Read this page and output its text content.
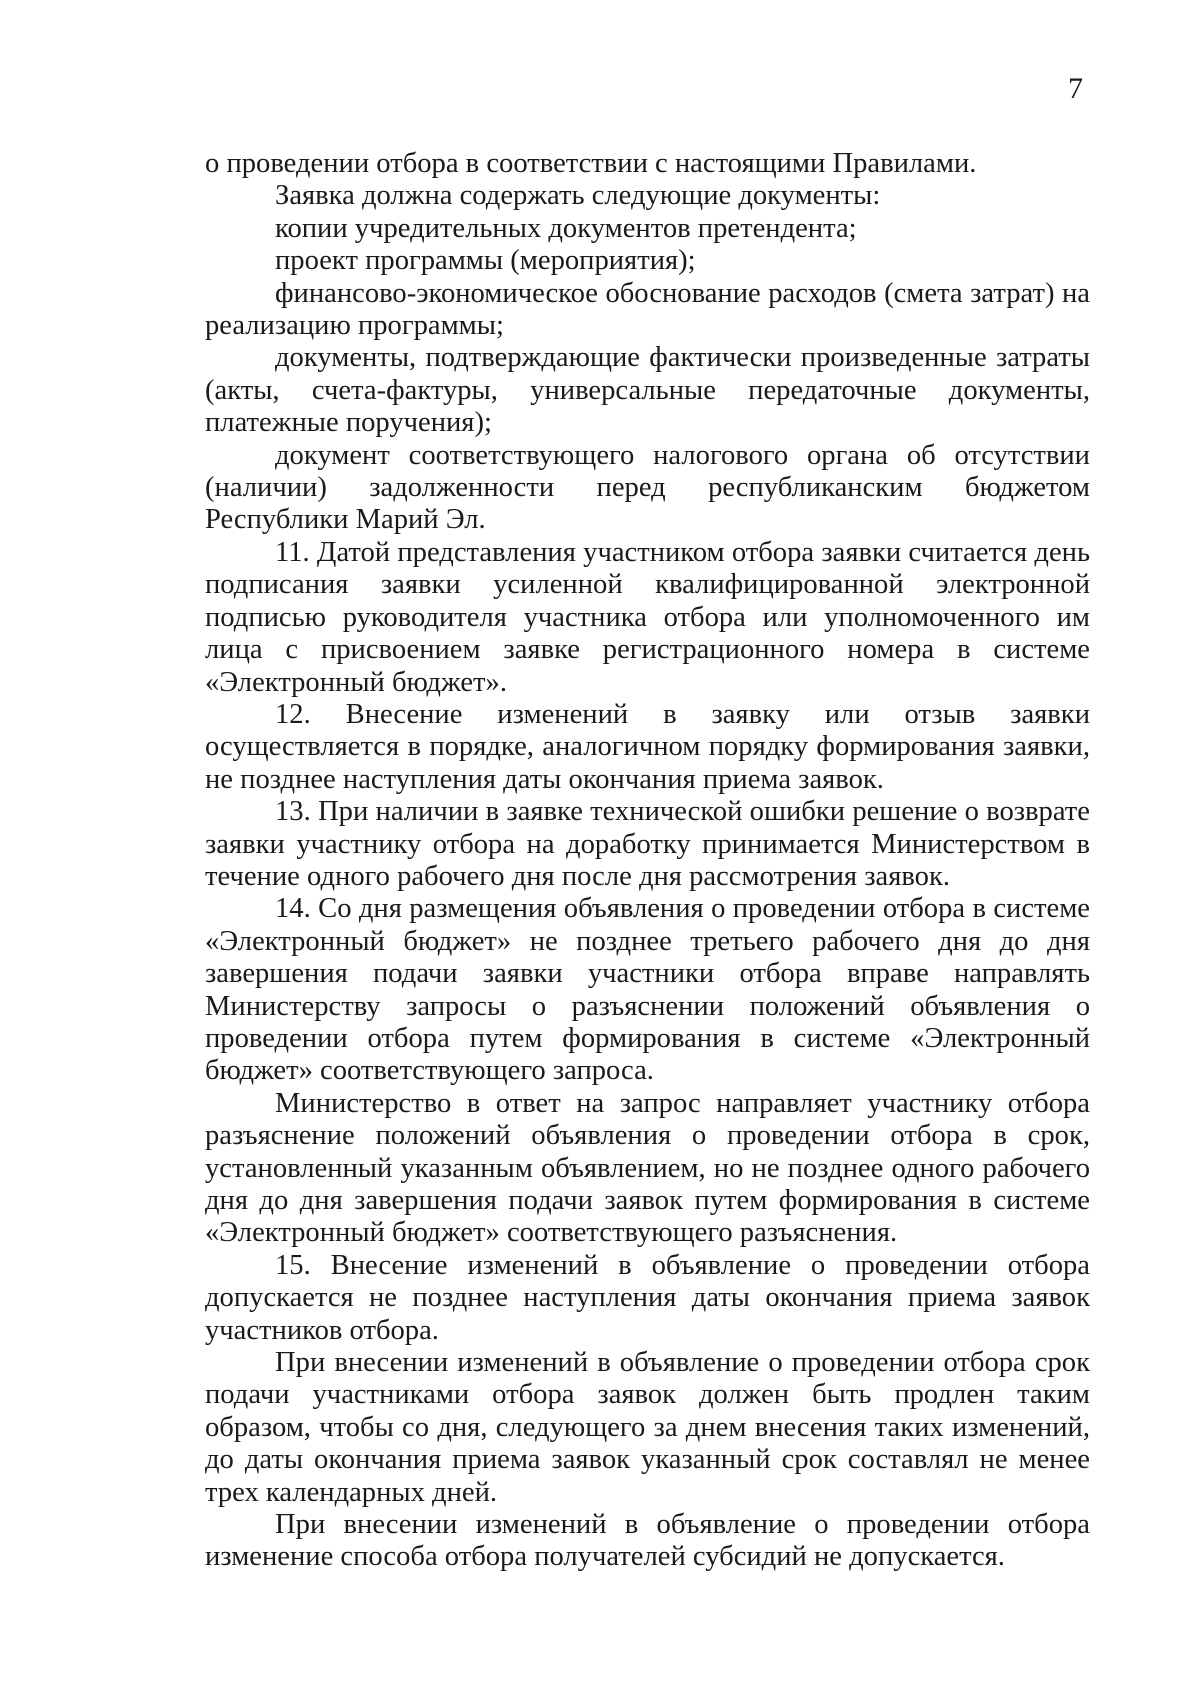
7

о проведении отбора в соответствии с настоящими Правилами.

Заявка должна содержать следующие документы:

копии учредительных документов претендента;

проект программы (мероприятия);

финансово-экономическое обоснование расходов (смета затрат) на реализацию программы;

документы, подтверждающие фактически произведенные затраты (акты, счета-фактуры, универсальные передаточные документы, платежные поручения);

документ соответствующего налогового органа об отсутствии (наличии) задолженности перед республиканским бюджетом Республики Марий Эл.

11. Датой представления участником отбора заявки считается день подписания заявки усиленной квалифицированной электронной подписью руководителя участника отбора или уполномоченного им лица с присвоением заявке регистрационного номера в системе «Электронный бюджет».

12. Внесение изменений в заявку или отзыв заявки осуществляется в порядке, аналогичном порядку формирования заявки, не позднее наступления даты окончания приема заявок.

13. При наличии в заявке технической ошибки решение о возврате заявки участнику отбора на доработку принимается Министерством в течение одного рабочего дня после дня рассмотрения заявок.

14. Со дня размещения объявления о проведении отбора в системе «Электронный бюджет» не позднее третьего рабочего дня до дня завершения подачи заявки участники отбора вправе направлять Министерству запросы о разъяснении положений объявления о проведении отбора путем формирования в системе «Электронный бюджет» соответствующего запроса.

Министерство в ответ на запрос направляет участнику отбора разъяснение положений объявления о проведении отбора в срок, установленный указанным объявлением, но не позднее одного рабочего дня до дня завершения подачи заявок путем формирования в системе «Электронный бюджет» соответствующего разъяснения.

15. Внесение изменений в объявление о проведении отбора допускается не позднее наступления даты окончания приема заявок участников отбора.

При внесении изменений в объявление о проведении отбора срок подачи участниками отбора заявок должен быть продлен таким образом, чтобы со дня, следующего за днем внесения таких изменений, до даты окончания приема заявок указанный срок составлял не менее трех календарных дней.

При внесении изменений в объявление о проведении отбора изменение способа отбора получателей субсидий не допускается.
